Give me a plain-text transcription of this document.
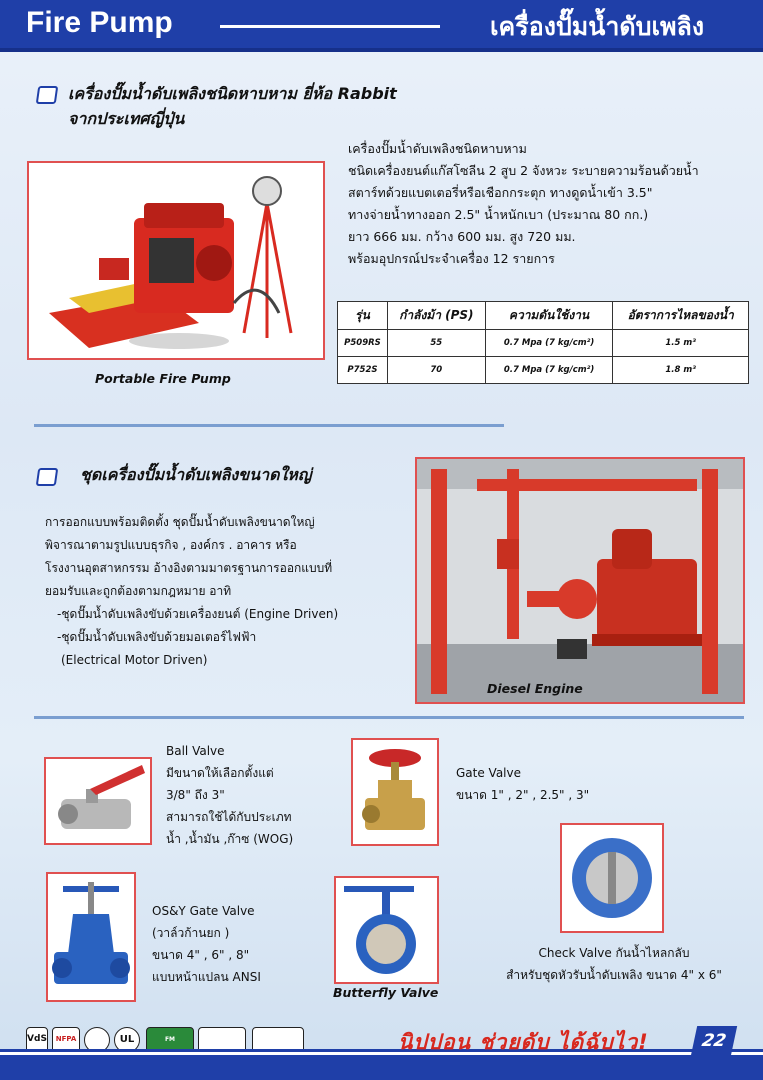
Fire Pump	เครื่องปั๊มน้ำดับเพลิง
เครื่องปั๊มน้ำดับเพลิงชนิดหาบหาม ยี่ห้อ Rabbit
จากประเทศญี่ปุ่น
Portable Fire Pump
เครื่องปั๊มน้ำดับเพลิงชนิดหาบหาม
ชนิดเครื่องยนต์แก๊สโซลีน 2 สูบ 2 จังหวะ ระบายความร้อนด้วยน้ำ
สตาร์ทด้วยแบตเตอรี่หรือเชือกกระตุก ทางดูดน้ำเข้า 3.5"
ทางจ่ายน้ำทางออก 2.5" น้ำหนักเบา (ประมาณ 80 กก.)
ยาว 666 มม. กว้าง 600 มม. สูง 720 มม.
พร้อมอุปกรณ์ประจำเครื่อง 12 รายการ
รุ่น	กำลังม้า (PS)	ความดันใช้งาน	อัตราการไหลของน้ำ
P509RS	55	0.7 Mpa (7 kg/cm²)	1.5 m³
P752S	70	0.7 Mpa (7 kg/cm²)	1.8 m³
ชุดเครื่องปั๊มน้ำดับเพลิงขนาดใหญ่
การออกแบบพร้อมติดตั้ง ชุดปั๊มน้ำดับเพลิงขนาดใหญ่
พิจารณาตามรูปแบบธุรกิจ , องค์กร . อาคาร หรือ
โรงงานอุตสาหกรรม อ้างอิงตามมาตรฐานการออกแบบที่
ยอมรับและถูกต้องตามกฎหมาย อาทิ
-ชุดปั๊มน้ำดับเพลิงขับด้วยเครื่องยนต์ (Engine Driven)
-ชุดปั๊มน้ำดับเพลิงขับด้วยมอเตอร์ไฟฟ้า
(Electrical Motor Driven)
Diesel Engine
Ball Valve
มีขนาดให้เลือกตั้งแต่
3/8" ถึง 3"
สามารถใช้ได้กับประเภท
น้ำ ,น้ำมัน ,ก๊าซ (WOG)
Gate Valve
ขนาด 1" , 2" , 2.5" , 3"
Check Valve กันน้ำไหลกลับ
สำหรับชุดหัวรับน้ำดับเพลิง ขนาด 4" x 6"
OS&Y Gate Valve
(วาล์วก้านยก )
ขนาด 4" , 6" , 8"
แบบหน้าแปลน ANSI
Butterfly Valve
VdS	NFPA	UL	FM	นิปปอน ช่วยดับ ได้ฉับไว!	22
